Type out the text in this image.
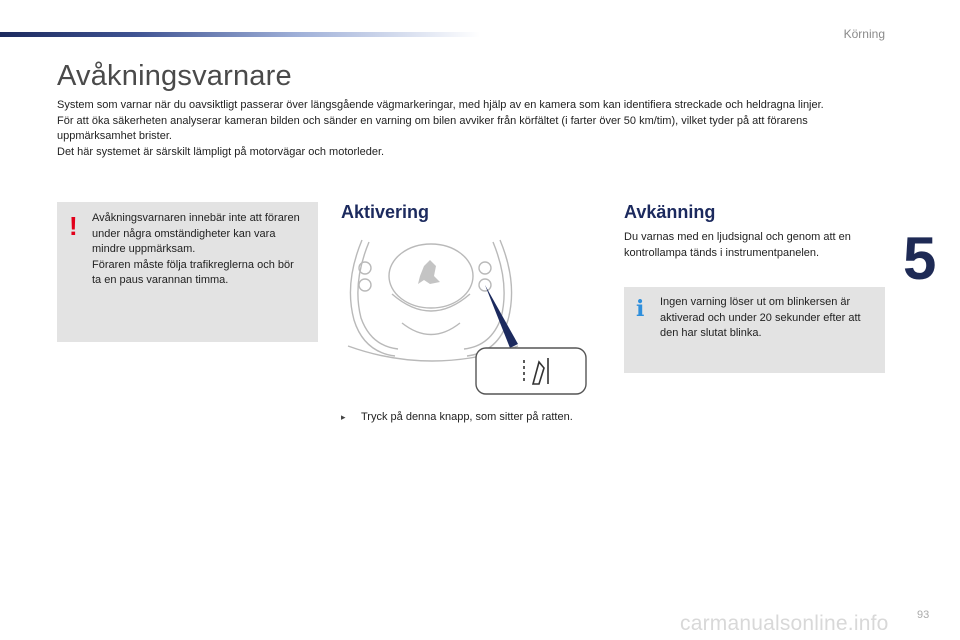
Körning
Avåkningsvarnare

System som varnar när du oavsiktligt passerar över längsgående vägmarkeringar, med hjälp av en kamera som kan identifiera streckade och heldragna linjer.

För att öka säkerheten analyserar kameran bilden och sänder en varning om bilen avviker från körfältet (i farter över 50 km/tim), vilket tyder på att förarens uppmärksamhet brister.

Det här systemet är särskilt lämpligt på motorvägar och motorleder.

5
! Avåkningsvarnaren innebär inte att föraren under några omständigheter kan vara mindre uppmärksam.

Föraren måste följa trafikreglerna och bör ta en paus varannan timma.

Aktivering
▸ Tryck på denna knapp, som sitter på ratten.
Avkänning

Du varnas med en ljudsignal och genom att en kontrollampa tänds i instrumentpanelen.

i Ingen varning löser ut om blinkersen är aktiverad och under 20 sekunder efter att den har slutat blinka.
93
carmanualsonline.info
